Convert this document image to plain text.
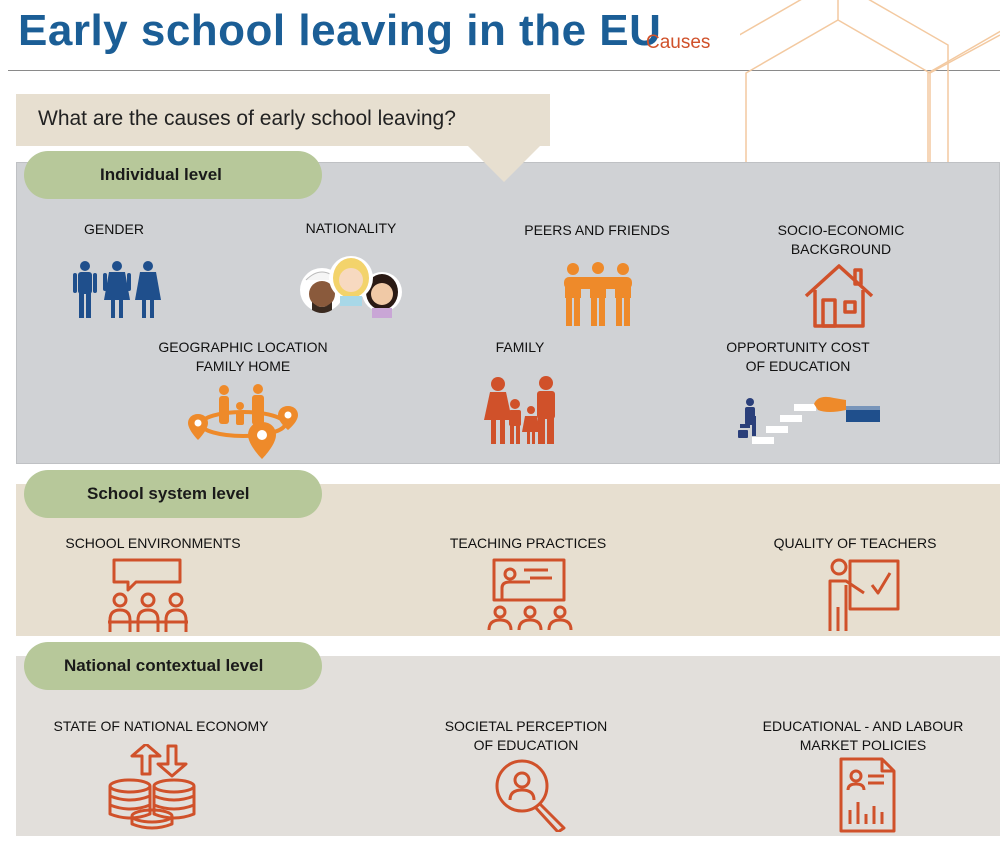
Early school leaving in the EU
Causes
What are the causes of early school leaving?
Individual level
School system level
National contextual level
GENDER	NATIONALITY	PEERS AND FRIENDS	SOCIO-ECONOMIC
BACKGROUND
GEOGRAPHIC LOCATION
FAMILY HOME
FAMILY	OPPORTUNITY COST
OF EDUCATION
SCHOOL ENVIRONMENTS	TEACHING PRACTICES	QUALITY OF TEACHERS
STATE OF NATIONAL ECONOMY	SOCIETAL PERCEPTION
OF EDUCATION
EDUCATIONAL - AND LABOUR
MARKET POLICIES
